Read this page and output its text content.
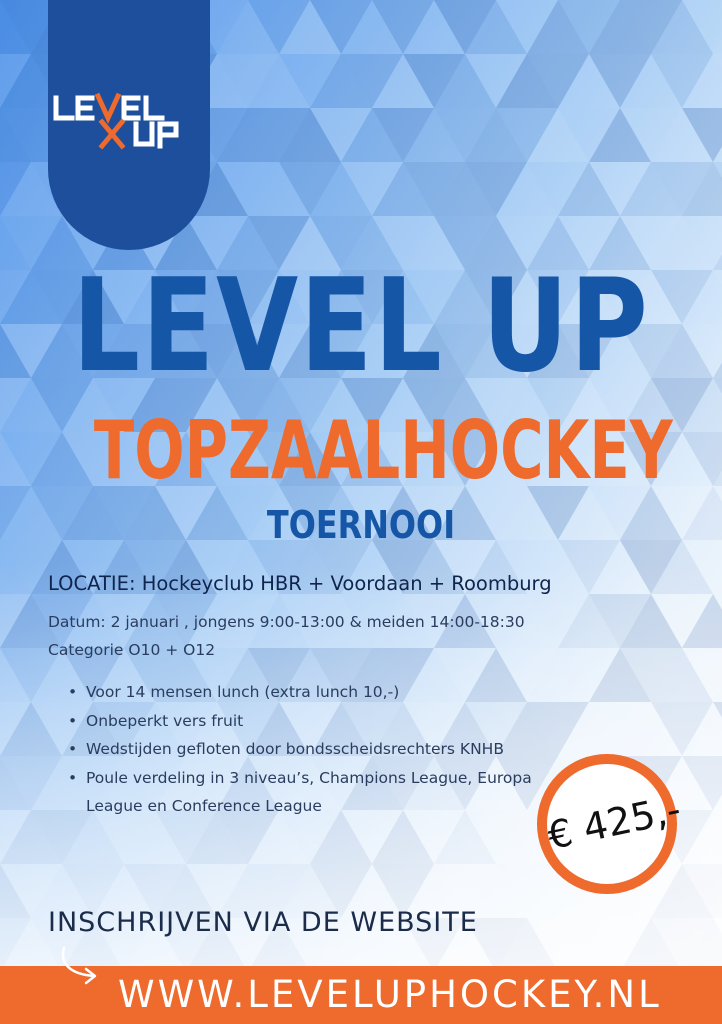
LEVEL UP
TOPZAALHOCKEY
TOERNOOI
LOCATIE: Hockeyclub HBR + Voordaan + Roomburg
Datum: 2 januari , jongens 9:00-13:00 & meiden 14:00-18:30
Categorie O10 + O12
• Voor 14 mensen lunch (extra lunch 10,-)
• Onbeperkt vers fruit
• Wedstijden gefloten door bondsscheidsrechters KNHB
• Poule verdeling in 3 niveau’s, Champions League, Europa League en Conference League	€ 425,-
INSCHRIJVEN VIA DE WEBSITE
WWW.LEVELUPHOCKEY.NL
